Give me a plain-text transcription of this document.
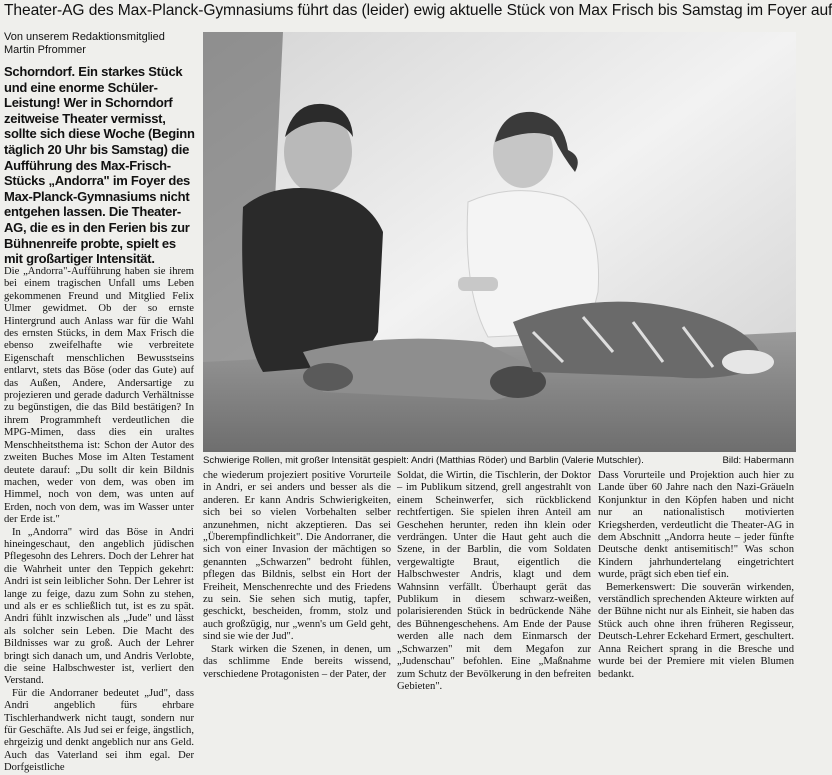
Theater-AG des Max-Planck-Gymnasiums führt das (leider) ewig aktuelle Stück von Max Frisch bis Samstag im Foyer auf
Von unserem Redaktionsmitglied
Martin Pfrommer

Schorndorf. Ein starkes Stück und eine enorme Schüler-Leistung! Wer in Schorndorf zeitweise Theater vermisst, sollte sich diese Woche (Beginn täglich 20 Uhr bis Samstag) die Aufführung des Max-Frisch-Stücks „Andorra" im Foyer des Max-Planck-Gymnasiums nicht entgehen lassen. Die Theater-AG, die es in den Ferien bis zur Bühnenreife probte, spielt es mit großartiger Intensität.

Die „Andorra"-Aufführung haben sie ihrem bei einem tragischen Unfall ums Leben gekommenen Freund und Mitglied Felix Ulmer gewidmet. Ob der so ernste Hintergrund auch Anlass war für die Wahl des ernsten Stücks, in dem Max Frisch die ebenso zweifelhafte wie verbreitete Eigenschaft menschlichen Bewusstseins entlarvt, stets das Böse (oder das Gute) auf das Außen, Andere, Andersartige zu projezieren und gerade dadurch Verhältnisse zu begünstigen, die das Bild bestätigen? In ihrem Programmheft verdeutlichen die MPG-Mimen, dass dies ein uraltes Menschheitsthema ist: Schon der Autor des zweiten Buches Mose im Alten Testament deutete darauf: „Du sollt dir kein Bildnis machen, weder von dem, was oben im Himmel, noch von dem, was unten auf Erden, noch von dem, was im Wasser unter der Erde ist."

In „Andorra" wird das Böse in Andri hineingeschaut, den angeblich jüdischen Pflegesohn des Lehrers. Doch der Lehrer hat die Wahrheit unter den Teppich gekehrt: Andri ist sein leiblicher Sohn. Der Lehrer ist lange zu feige, dazu zum Sohn zu stehen, und als er es schließlich tut, ist es zu spät. Andri fühlt inzwischen als „Jude" und lässt als solcher sein Leben. Die Macht des Bildnisses war zu groß. Auch der Lehrer bringt sich danach um, und Andris Verlobte, die seine Halbschwester ist, verliert den Verstand.

Für die Andorraner bedeutet „Jud", dass Andri angeblich fürs ehrbare Tischlerhandwerk nicht taugt, sondern nur für Geschäfte. Als Jud sei er feige, ängstlich, ehrgeizig und denkt angeblich nur ans Geld. Auch das Vaterland sei ihm egal. Der Dorfgeistliche

Schwierige Rollen, mit großer Intensität gespielt: Andri (Matthias Röder) und Barblin (Valerie Mutschler).	Bild: Habermann

che wiederum projeziert positive Vorurteile in Andri, er sei anders und besser als die anderen. Er kann Andris Schwierigkeiten, sich bei so vielen Vorbehalten selber anzunehmen, nicht akzeptieren. Das sei „Überempfindlichkeit". Die Andorraner, die sich von einer Invasion der mächtigen so genannten „Schwarzen" bedroht fühlen, pflegen das Bildnis, selbst ein Hort der Freiheit, Menschenrechte und des Friedens zu sein. Sie sehen sich mutig, tapfer, geschickt, bescheiden, fromm, stolz und auch großzügig, nur „wenn's um Geld geht, sind sie wie der Jud".

Stark wirken die Szenen, in denen, um das schlimme Ende bereits wissend, verschiedene Protagonisten – der Pater, der

Soldat, die Wirtin, die Tischlerin, der Doktor – im Publikum sitzend, grell angestrahlt von einem Scheinwerfer, sich rückblickend rechtfertigen. Sie spielen ihren Anteil am Geschehen herunter, reden ihn klein oder verdrängen. Unter die Haut geht auch die Szene, in der Barblin, die vom Soldaten vergewaltigte Braut, eigentlich die Halbschwester Andris, klagt und dem Wahnsinn verfällt. Überhaupt gerät das Publikum in diesem schwarz-weißen, polarisierenden Stück in bedrückende Nähe des Bühnengeschehens. Am Ende der Pause werden alle nach dem Einmarsch der „Schwarzen" mit dem Megafon zur „Judenschau" befohlen. Eine „Maßnahme zum Schutz der Bevölkerung in den befreiten Gebieten".

Dass Vorurteile und Projektion auch hier zu Lande über 60 Jahre nach den Nazi-Gräueln Konjunktur in den Köpfen haben und nicht nur an nationalistisch motivierten Kriegsherden, verdeutlicht die Theater-AG in dem Abschnitt „Andorra heute – jeder fünfte Deutsche denkt antisemitisch!" Was schon Kindern jahrhundertelang eingetrichtert wurde, prägt sich eben tief ein.

Bemerkenswert: Die souverän wirkenden, verständlich sprechenden Akteure wirkten auf der Bühne nicht nur als Einheit, sie haben das Stück auch ohne ihren früheren Regisseur, Deutsch-Lehrer Eckehard Ermert, geschultert. Anna Reichert sprang in die Bresche und wurde bei der Premiere mit vielen Blumen bedankt.
